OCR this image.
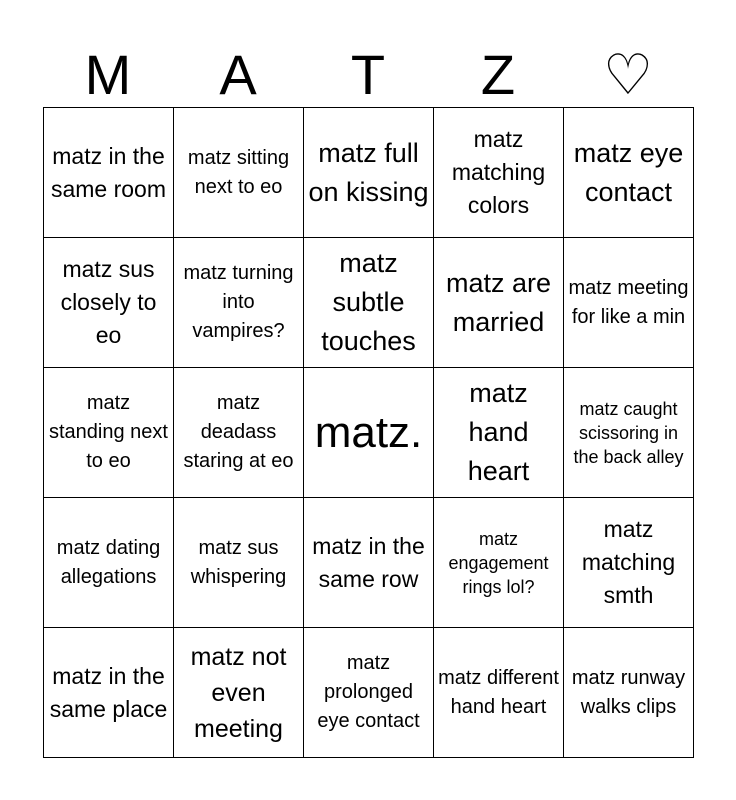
M	A	T	Z	♡
matz in the same room	matz sitting next to eo	matz full on kissing	matz matching colors	matz eye contact

matz sus closely to eo	matz turning into vampires?	matz subtle touches	matz are married	matz meeting for like a min

matz standing next to eo	matz deadass staring at eo	matz.	matz hand heart	matz caught scissoring in the back alley

matz dating allegations	matz sus whispering	matz in the same row	matz engagement rings lol?	matz matching smth

matz in the same place	matz not even meeting	matz prolonged eye contact	matz different hand heart	matz runway walks clips
